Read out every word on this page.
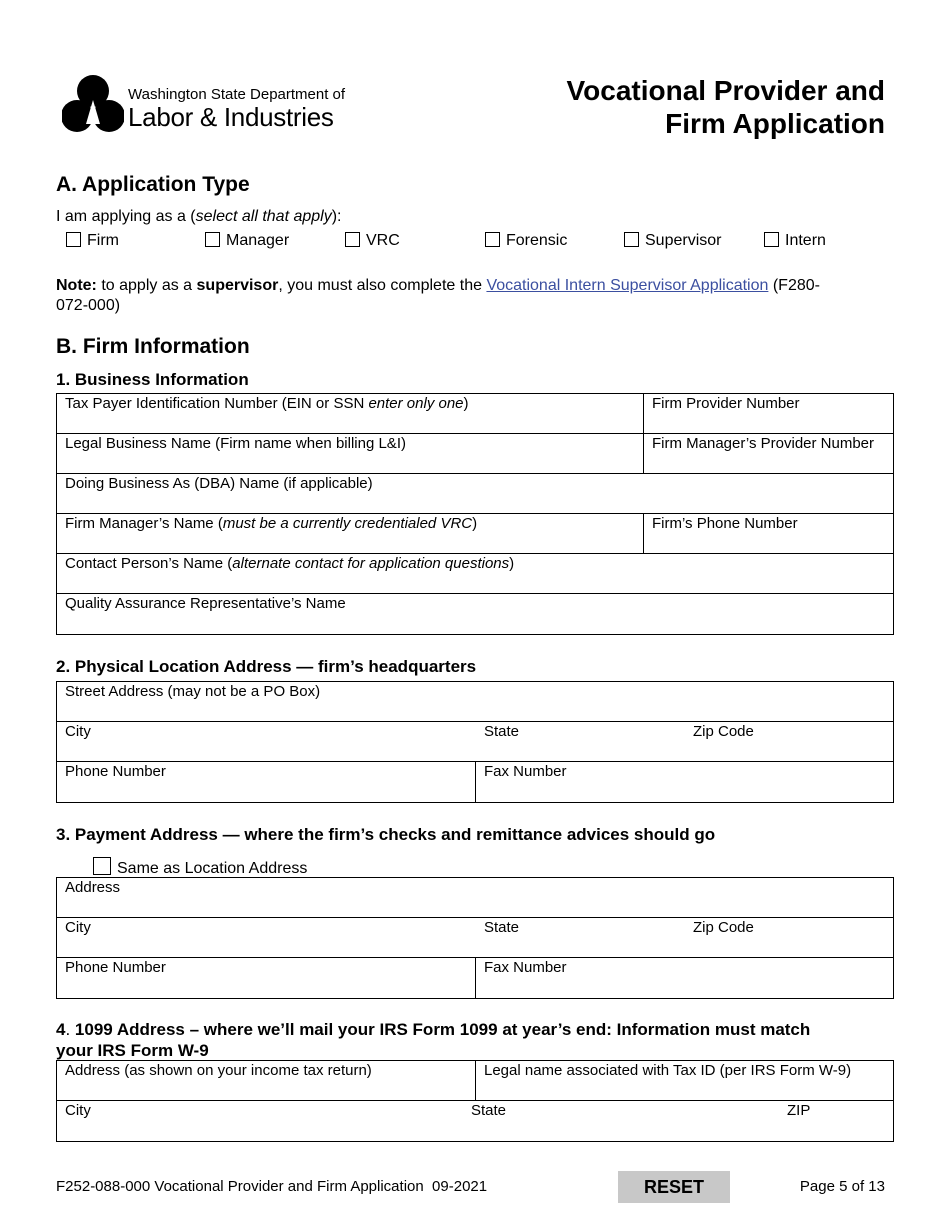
Washington State Department of
Labor & Industries
Vocational Provider and
Firm Application
A. Application Type
I am applying as a (select all that apply):
Firm	Manager	VRC	Forensic	Supervisor	Intern
Note: to apply as a supervisor, you must also complete the Vocational Intern Supervisor Application (F280-
072-000)
B. Firm Information
1. Business Information
Tax Payer Identification Number (EIN or SSN enter only one)	Firm Provider Number
Legal Business Name (Firm name when billing L&I)	Firm Manager’s Provider Number
Doing Business As (DBA) Name (if applicable)
Firm Manager’s Name (must be a currently credentialed VRC)	Firm’s Phone Number
Contact Person’s Name (alternate contact for application questions)
Quality Assurance Representative’s Name
2. Physical Location Address — firm’s headquarters
Street Address (may not be a PO Box)
City	State	Zip Code
Phone Number	Fax Number
3. Payment Address — where the firm’s checks and remittance advices should go
Same as Location Address
Address
City	State	Zip Code
Phone Number	Fax Number
4. 1099 Address – where we’ll mail your IRS Form 1099 at year’s end: Information must match
your IRS Form W-9
Address (as shown on your income tax return)	Legal name associated with Tax ID (per IRS Form W-9)
City	State	ZIP
F252-088-000 Vocational Provider and Firm Application  09-2021	RESET	Page 5 of 13
